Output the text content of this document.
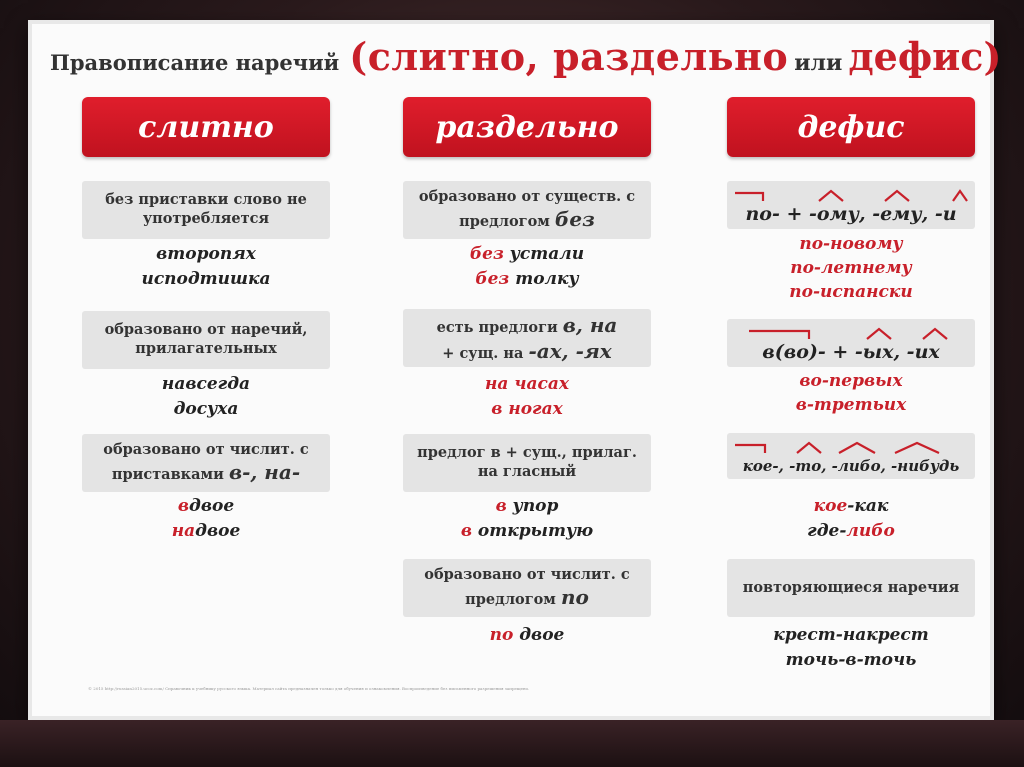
Правописание наречий (слитно, раздельно или дефис)
слитно
без приставки слово не употребляется
второпях
исподтишка
образовано от наречий, прилагательных
навсегда
досуха
образовано от числит. с приставками в-, на-
вдвое
надвое
раздельно
образовано от существ. с предлогом без
без устали
без толку
есть предлоги в, на
+ сущ. на -ах, -ях
на часах
в ногах
предлог в + сущ., прилаг. на гласный
в упор
в открытую
образовано от числит. с предлогом по
по двое
дефис
по- + -ому, -ему, -и
по-новому
по-летнему
по-испански
в(во)- + -ых, -их
во-первых
в-третьих
кое-, -то, -либо, -нибудь
кое-как
где-либо
повторяющиеся наречия
крест-накрест
точь-в-точь
© 2015 http://russian2015.ucoz.com/ Справочник к учебнику русского языка. Материал сайта предназначен только для обучения и ознакомления. Воспроизведение без письменного разрешения запрещено.
